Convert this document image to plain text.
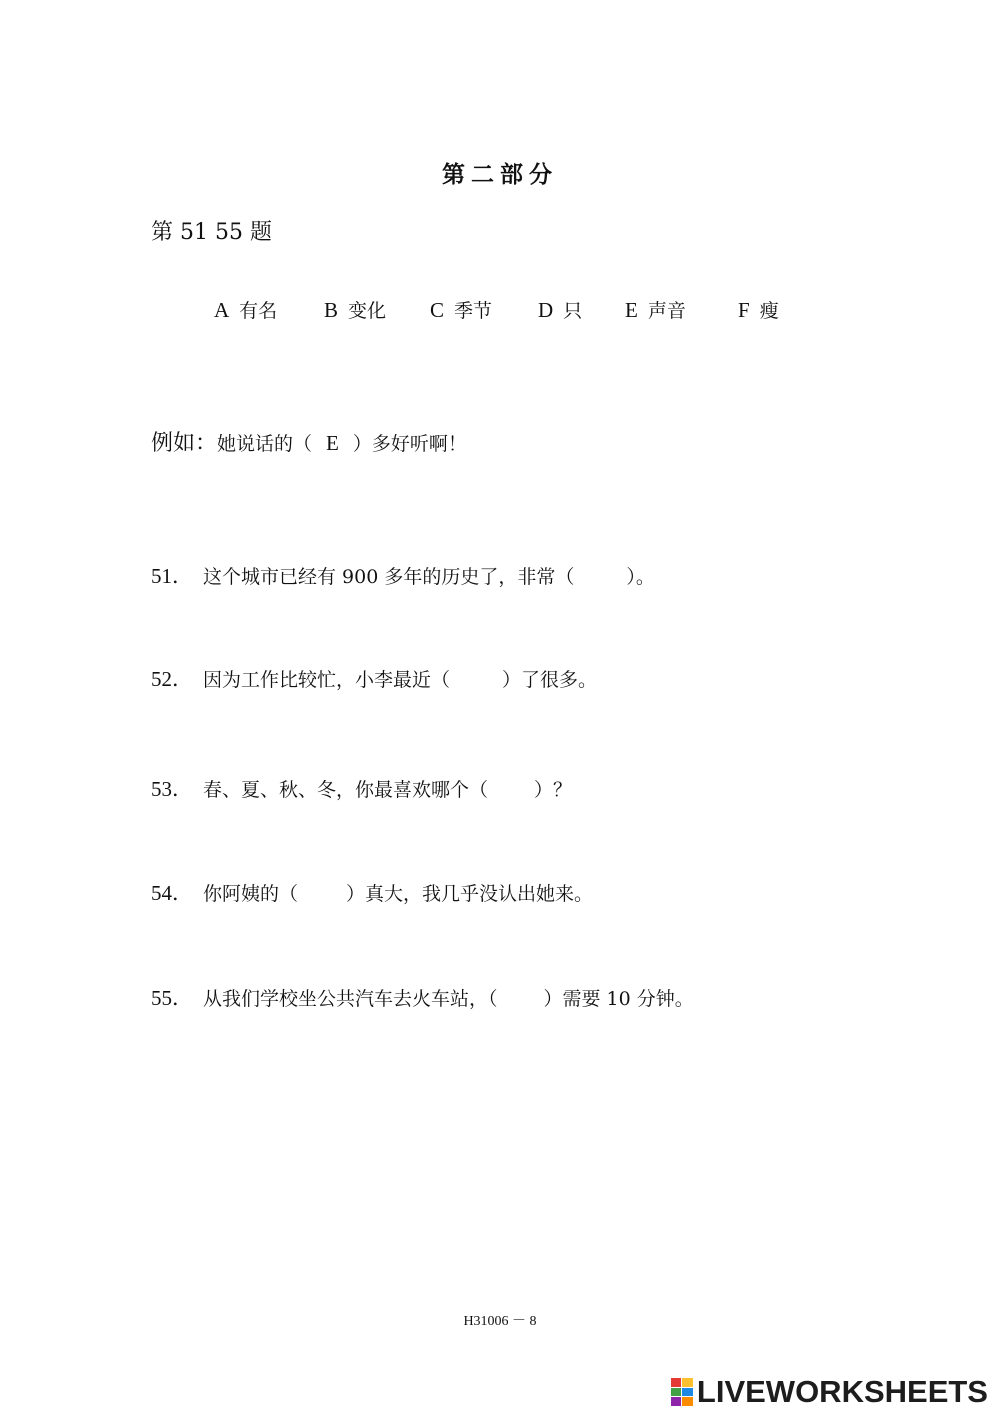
第二部分
第 51 55 题
A 有名 B 变化 C 季节 D 只 E 声音 F 瘦
例如：她说话的（ E ）多好听啊！
51． 这个城市已经有 900 多年的历史了，非常（	）。
52． 因为工作比较忙，小李最近（	）了很多。
53． 春、夏、秋、冬，你最喜欢哪个（ ）？
54． 你阿姨的（	）真大，我几乎没认出她来。
55． 从我们学校坐公共汽车去火车站，（ ）需要 10 分钟。
H31006 － 8
LIVEWORKSHEETS
